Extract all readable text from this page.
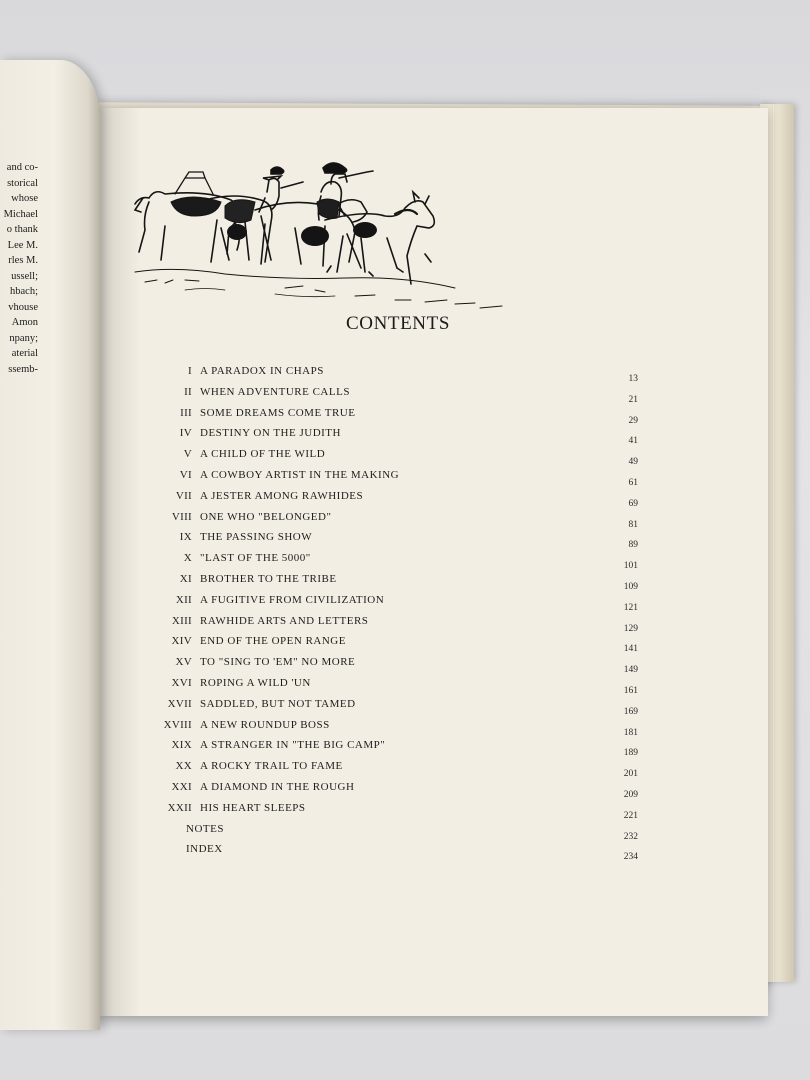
and co-
storical
whose
Michael
o thank
Lee M.
rles M.
ussell;
hbach;
vhouse
Amon
npany;
aterial
ssemb-
CONTENTS
I A PARADOX IN CHAPS
13
II WHEN ADVENTURE CALLS
21
III SOME DREAMS COME TRUE
29
IV DESTINY ON THE JUDITH
41
V A CHILD OF THE WILD
49
VI A COWBOY ARTIST IN THE MAKING
61
VII A JESTER AMONG RAWHIDES
69
VIII ONE WHO "BELONGED"
81
IX THE PASSING SHOW
89
X "LAST OF THE 5000"
101
XI BROTHER TO THE TRIBE
109
XII A FUGITIVE FROM CIVILIZATION
121
XIII RAWHIDE ARTS AND LETTERS
129
XIV END OF THE OPEN RANGE
141
XV TO "SING TO 'EM" NO MORE
149
XVI ROPING A WILD 'UN
161
XVII SADDLED, BUT NOT TAMED
169
XVIII A NEW ROUNDUP BOSS
181
XIX A STRANGER IN "THE BIG CAMP"
189
XX A ROCKY TRAIL TO FAME
201
XXI A DIAMOND IN THE ROUGH
209
XXII HIS HEART SLEEPS
221
NOTES
232
INDEX
234
